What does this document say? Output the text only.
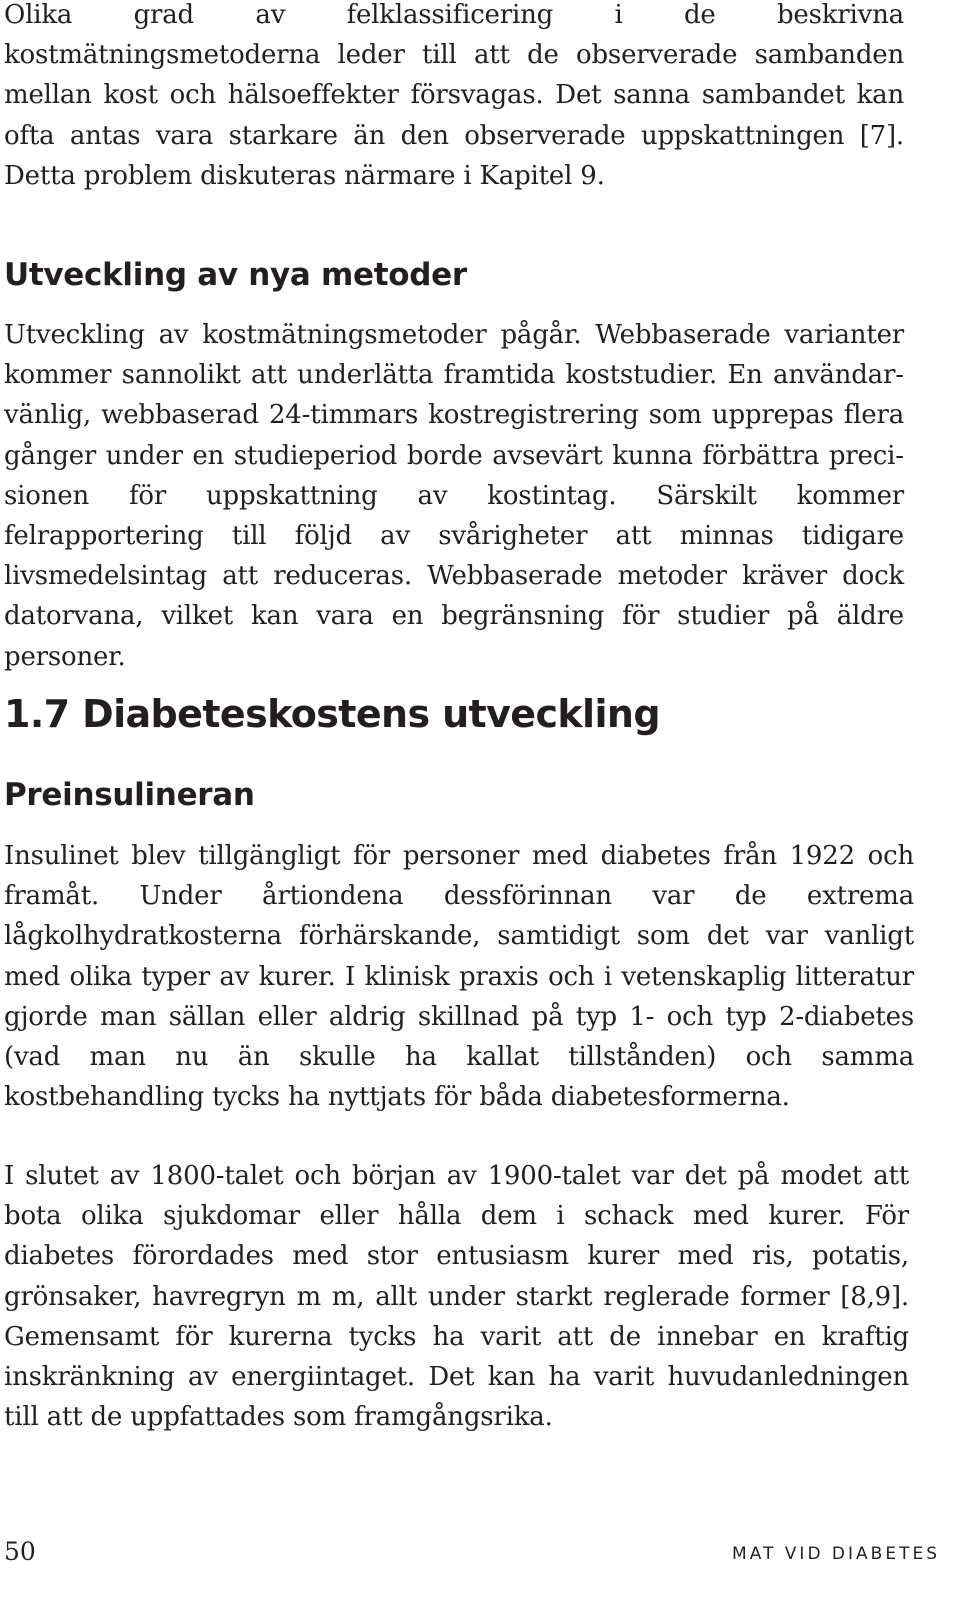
Olika grad av felklassificering i de beskrivna kostmätningsmetoderna leder till att de observerade sambanden mellan kost och hälsoeffekter försvagas. Det sanna sambandet kan ofta antas vara starkare än den observerade uppskattningen [7]. Detta problem diskuteras närmare i Kapitel 9.

Utveckling av nya metoder

Utveckling av kostmätningsmetoder pågår. Webbaserade varianter kommer sannolikt att underlätta framtida koststudier. En användarvänlig, webbaserad 24-timmars kostregistrering som upprepas flera gånger under en studieperiod borde avsevärt kunna förbättra precisionen för uppskattning av kostintag. Särskilt kommer felrapportering till följd av svårigheter att minnas tidigare livsmedelsintag att reduceras. Webbaserade metoder kräver dock datorvana, vilket kan vara en begränsning för studier på äldre personer.

1.7 Diabeteskostens utveckling
Preinsulineran

Insulinet blev tillgängligt för personer med diabetes från 1922 och framåt. Under årtiondena dessförinnan var de extrema lågkolhydratkosterna förhärskande, samtidigt som det var vanligt med olika typer av kurer. I klinisk praxis och i vetenskaplig litteratur gjorde man sällan eller aldrig skillnad på typ 1- och typ 2-diabetes (vad man nu än skulle ha kallat tillstånden) och samma kostbehandling tycks ha nyttjats för båda diabetesformerna.

I slutet av 1800-talet och början av 1900-talet var det på modet att bota olika sjukdomar eller hålla dem i schack med kurer. För diabetes förordades med stor entusiasm kurer med ris, potatis, grönsaker, havregryn m m, allt under starkt reglerade former [8,9]. Gemensamt för kurerna tycks ha varit att de innebar en kraftig inskränkning av energiintaget. Det kan ha varit huvudanledningen till att de uppfattades som framgångsrika.

50	MAT VID DIABETES
